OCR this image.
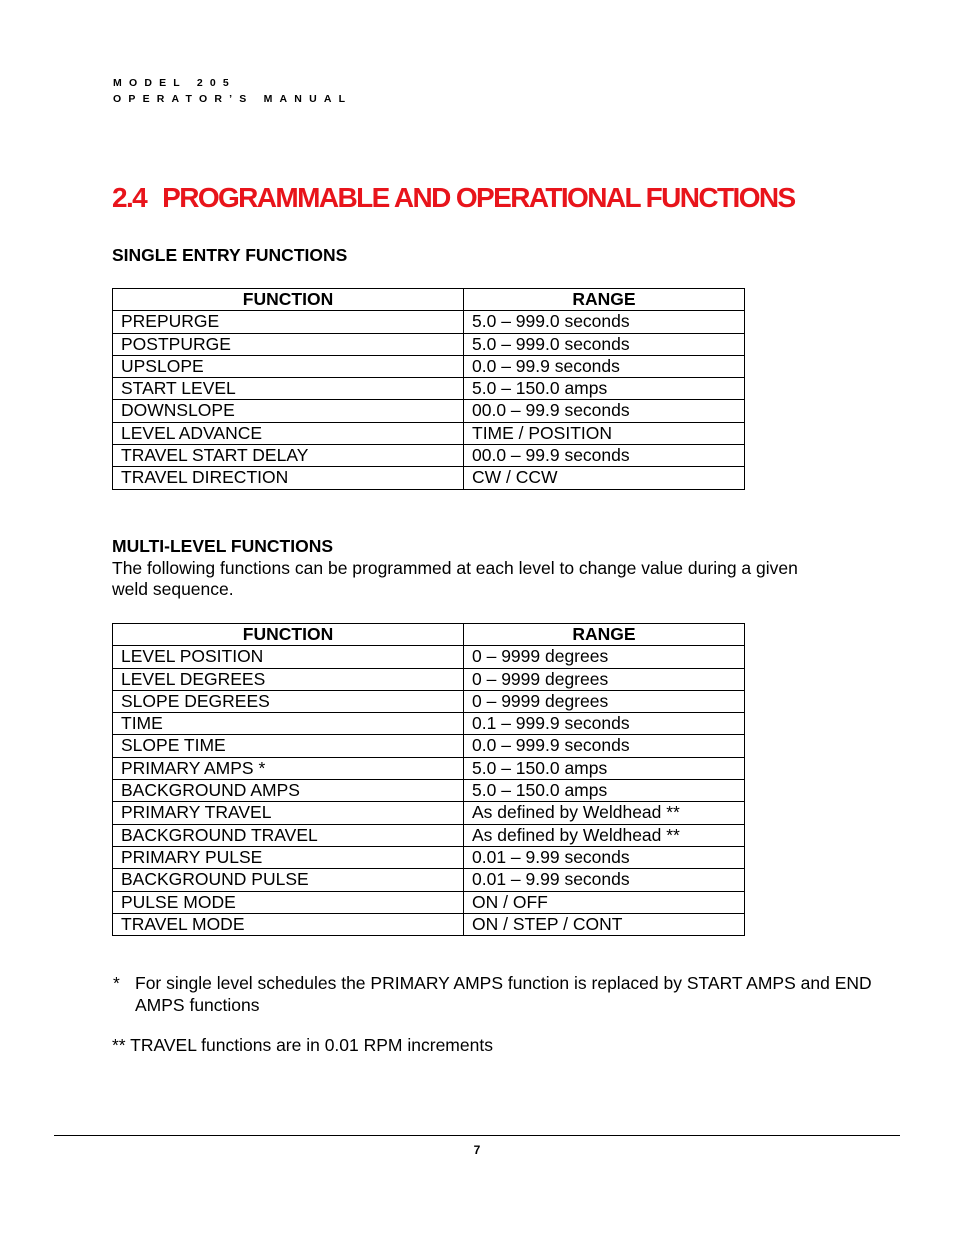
MODEL 205
OPERATOR’S MANUAL
2.4 PROGRAMMABLE AND OPERATIONAL FUNCTIONS
SINGLE ENTRY FUNCTIONS
FUNCTION	RANGE
PREPURGE	5.0 – 999.0 seconds
POSTPURGE	5.0 – 999.0 seconds
UPSLOPE	0.0 – 99.9 seconds
START LEVEL	5.0 – 150.0 amps
DOWNSLOPE	00.0 – 99.9 seconds
LEVEL ADVANCE	TIME / POSITION
TRAVEL START DELAY	00.0 – 99.9 seconds
TRAVEL DIRECTION	CW / CCW
MULTI-LEVEL FUNCTIONS
The following functions can be programmed at each level to change value during a given weld sequence.
FUNCTION	RANGE
LEVEL POSITION	0 – 9999 degrees
LEVEL DEGREES	0 – 9999 degrees
SLOPE DEGREES	0 – 9999 degrees
TIME	0.1 – 999.9 seconds
SLOPE TIME	0.0 – 999.9 seconds
PRIMARY AMPS *	5.0 – 150.0 amps
BACKGROUND AMPS	5.0 – 150.0 amps
PRIMARY TRAVEL	As defined by Weldhead **
BACKGROUND TRAVEL	As defined by Weldhead **
PRIMARY PULSE	0.01 – 9.99 seconds
BACKGROUND PULSE	0.01 – 9.99 seconds
PULSE MODE	ON / OFF
TRAVEL MODE	ON / STEP / CONT
* For single level schedules the PRIMARY AMPS function is replaced by START AMPS and END AMPS functions
** TRAVEL functions are in 0.01 RPM increments
7
